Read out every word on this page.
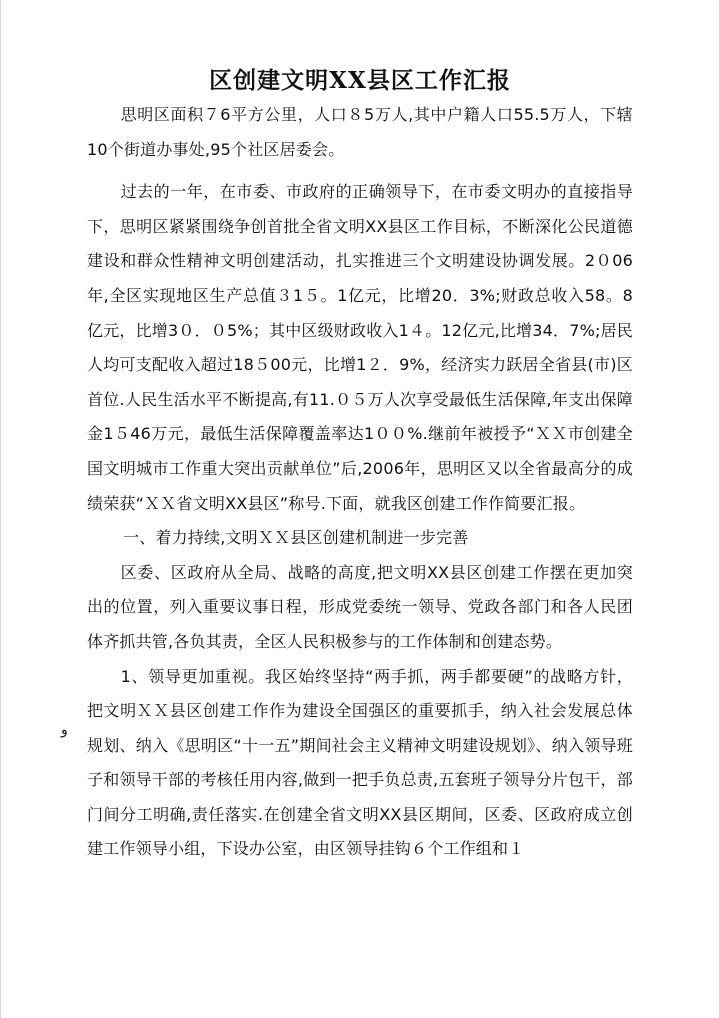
区创建文明XX县区工作汇报

思明区面积７6平方公里，人口８5万人,其中户籍人口55.5万人，下辖10个街道办事处,95个社区居委会。

过去的一年，在市委、市政府的正确领导下，在市委文明办的直接指导下，思明区紧紧围绕争创首批全省文明XX县区工作目标，不断深化公民道德建设和群众性精神文明创建活动，扎实推进三个文明建设协调发展。2０06年,全区实现地区生产总值３1５。1亿元，比增20．3%;财政总收入58。8亿元，比增3０．０5%；其中区级财政收入1４。12亿元,比增34．7%;居民人均可支配收入超过18５00元，比增1２．9%，经济实力跃居全省县(市)区首位.人民生活水平不断提高,有11.０５万人次享受最低生活保障,年支出保障金1５46万元，最低生活保障覆盖率达1００%.继前年被授予“ＸＸ市创建全国文明城市工作重大突出贡献单位”后,2006年，思明区又以全省最高分的成绩荣获“ＸＸ省文明XX县区”称号.下面，就我区创建工作作简要汇报。

一、着力持续,文明ＸＸ县区创建机制进一步完善

区委、区政府从全局、战略的高度,把文明XX县区创建工作摆在更加突出的位置，列入重要议事日程，形成党委统一领导、党政各部门和各人民团体齐抓共管,各负其责，全区人民积极参与的工作体制和创建态势。

1、领导更加重视。我区始终坚持“两手抓，两手都要硬”的战略方针，把文明ＸＸ县区创建工作作为建设全国强区的重要抓手，纳入社会发展总体规划、纳入《思明区“十一五”期间社会主义精神文明建设规划》、纳入领导班子和领导干部的考核任用内容,做到一把手负总责,五套班子领导分片包干，部门间分工明确,责任落实.在创建全省文明XX县区期间，区委、区政府成立创建工作领导小组，下设办公室，由区领导挂钩６个工作组和１

و
